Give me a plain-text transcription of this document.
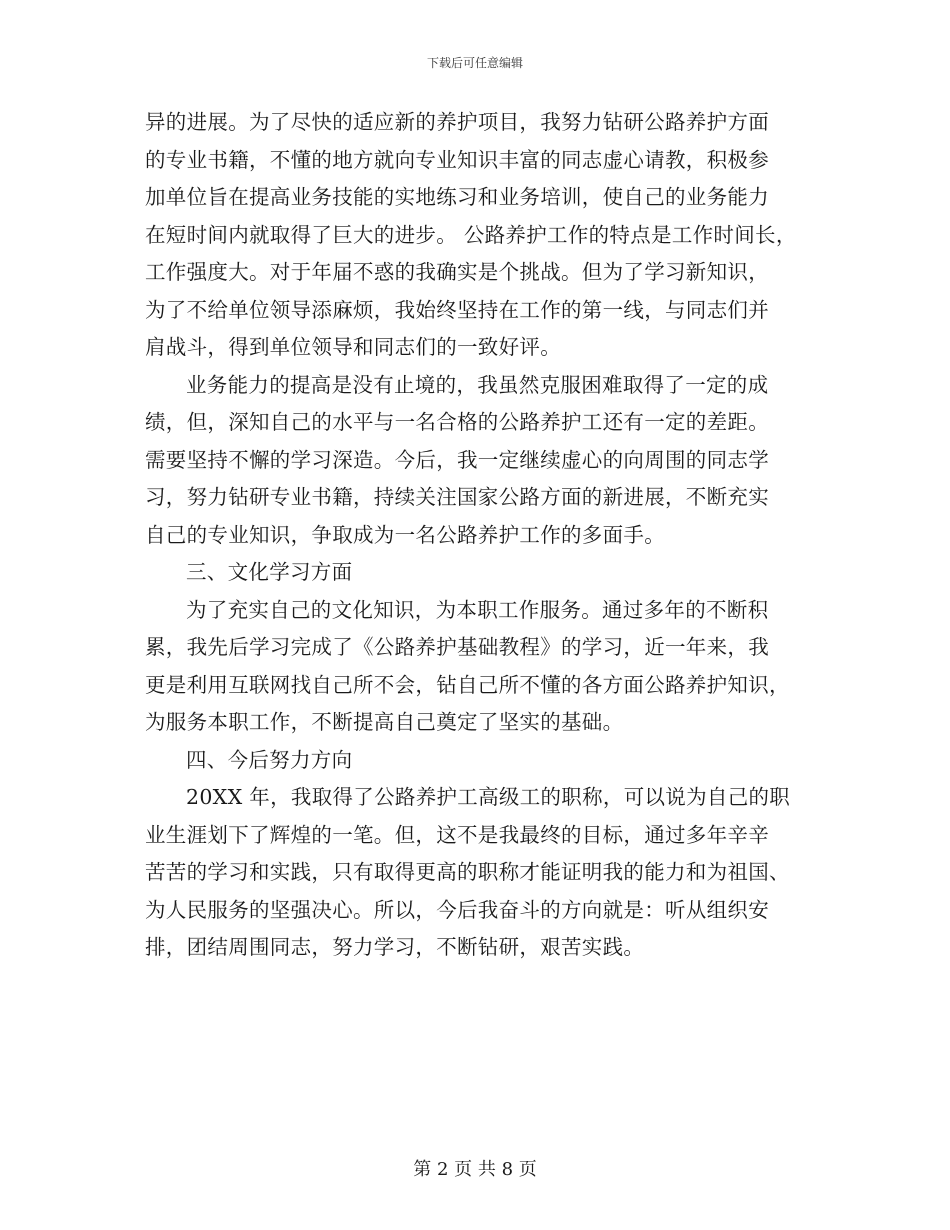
下载后可任意编辑
异的进展。为了尽快的适应新的养护项目，我努力钻研公路养护方面
的专业书籍，不懂的地方就向专业知识丰富的同志虚心请教，积极参
加单位旨在提高业务技能的实地练习和业务培训，使自己的业务能力
在短时间内就取得了巨大的进步。 公路养护工作的特点是工作时间长，
工作强度大。对于年届不惑的我确实是个挑战。但为了学习新知识，
为了不给单位领导添麻烦，我始终坚持在工作的第一线，与同志们并
肩战斗，得到单位领导和同志们的一致好评。
业务能力的提高是没有止境的，我虽然克服困难取得了一定的成
绩，但，深知自己的水平与一名合格的公路养护工还有一定的差距。
需要坚持不懈的学习深造。今后，我一定继续虚心的向周围的同志学
习，努力钻研专业书籍，持续关注国家公路方面的新进展，不断充实
自己的专业知识，争取成为一名公路养护工作的多面手。
三、文化学习方面
为了充实自己的文化知识，为本职工作服务。通过多年的不断积
累，我先后学习完成了《公路养护基础教程》的学习，近一年来，我
更是利用互联网找自己所不会，钻自己所不懂的各方面公路养护知识，
为服务本职工作，不断提高自己奠定了坚实的基础。
四、今后努力方向
20XX 年，我取得了公路养护工高级工的职称，可以说为自己的职
业生涯划下了辉煌的一笔。但，这不是我最终的目标，通过多年辛辛
苦苦的学习和实践，只有取得更高的职称才能证明我的能力和为祖国、
为人民服务的坚强决心。所以，今后我奋斗的方向就是：听从组织安
排，团结周围同志，努力学习，不断钻研，艰苦实践。
第 2 页 共 8 页
